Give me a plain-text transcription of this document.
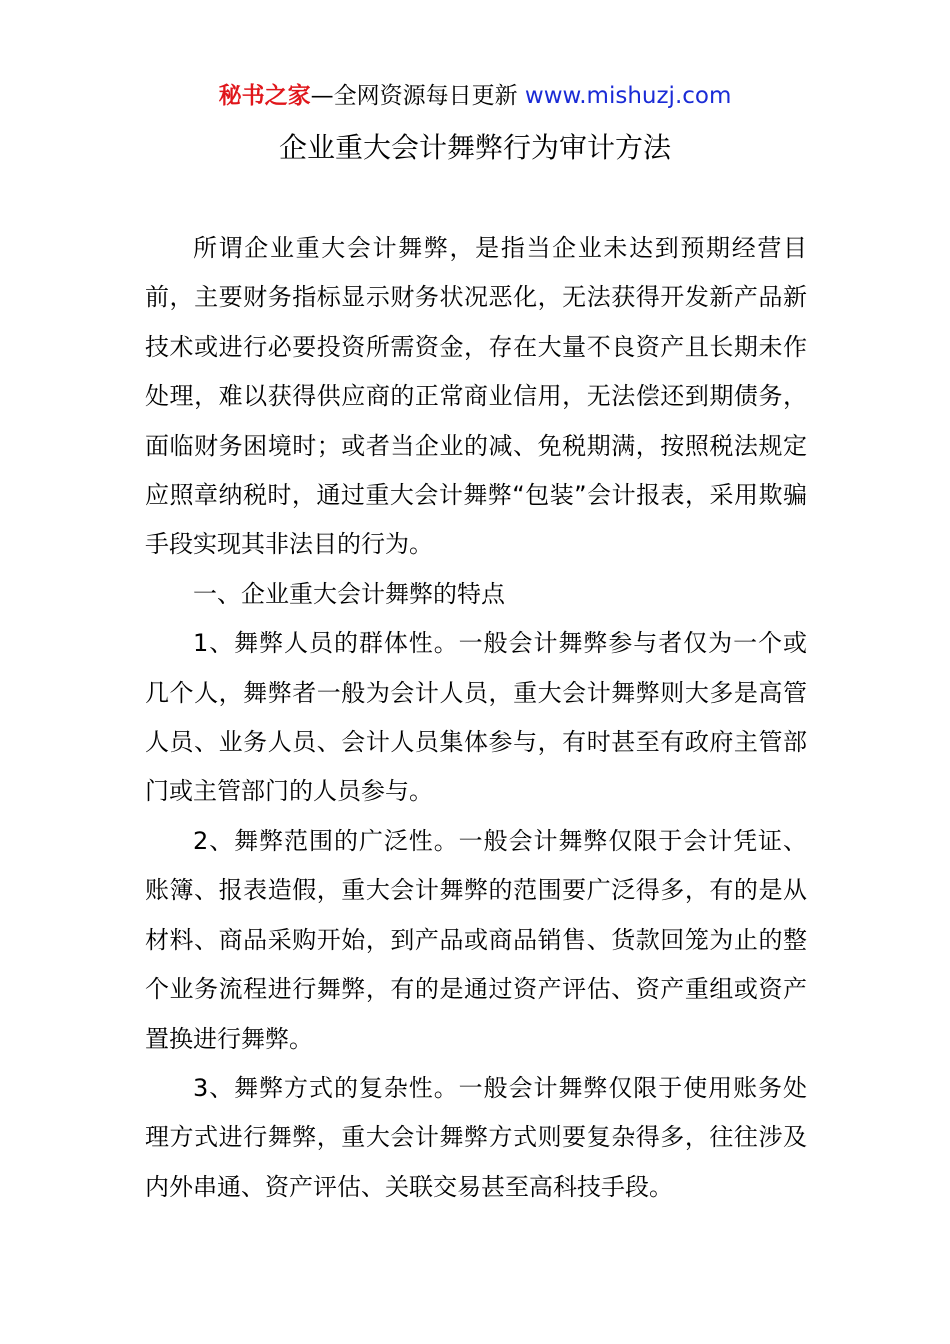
秘书之家—全网资源每日更新 www.mishuzj.com
企业重大会计舞弊行为审计方法

所谓企业重大会计舞弊，是指当企业未达到预期经营目前，主要财务指标显示财务状况恶化，无法获得开发新产品新技术或进行必要投资所需资金，存在大量不良资产且长期未作处理，难以获得供应商的正常商业信用，无法偿还到期债务，面临财务困境时；或者当企业的减、免税期满，按照税法规定应照章纳税时，通过重大会计舞弊“包装”会计报表，采用欺骗手段实现其非法目的行为。

一、企业重大会计舞弊的特点

1、舞弊人员的群体性。一般会计舞弊参与者仅为一个或几个人，舞弊者一般为会计人员，重大会计舞弊则大多是高管人员、业务人员、会计人员集体参与，有时甚至有政府主管部门或主管部门的人员参与。

2、舞弊范围的广泛性。一般会计舞弊仅限于会计凭证、账簿、报表造假，重大会计舞弊的范围要广泛得多，有的是从材料、商品采购开始，到产品或商品销售、货款回笼为止的整个业务流程进行舞弊，有的是通过资产评估、资产重组或资产置换进行舞弊。

3、舞弊方式的复杂性。一般会计舞弊仅限于使用账务处理方式进行舞弊，重大会计舞弊方式则要复杂得多，往往涉及内外串通、资产评估、关联交易甚至高科技手段。
